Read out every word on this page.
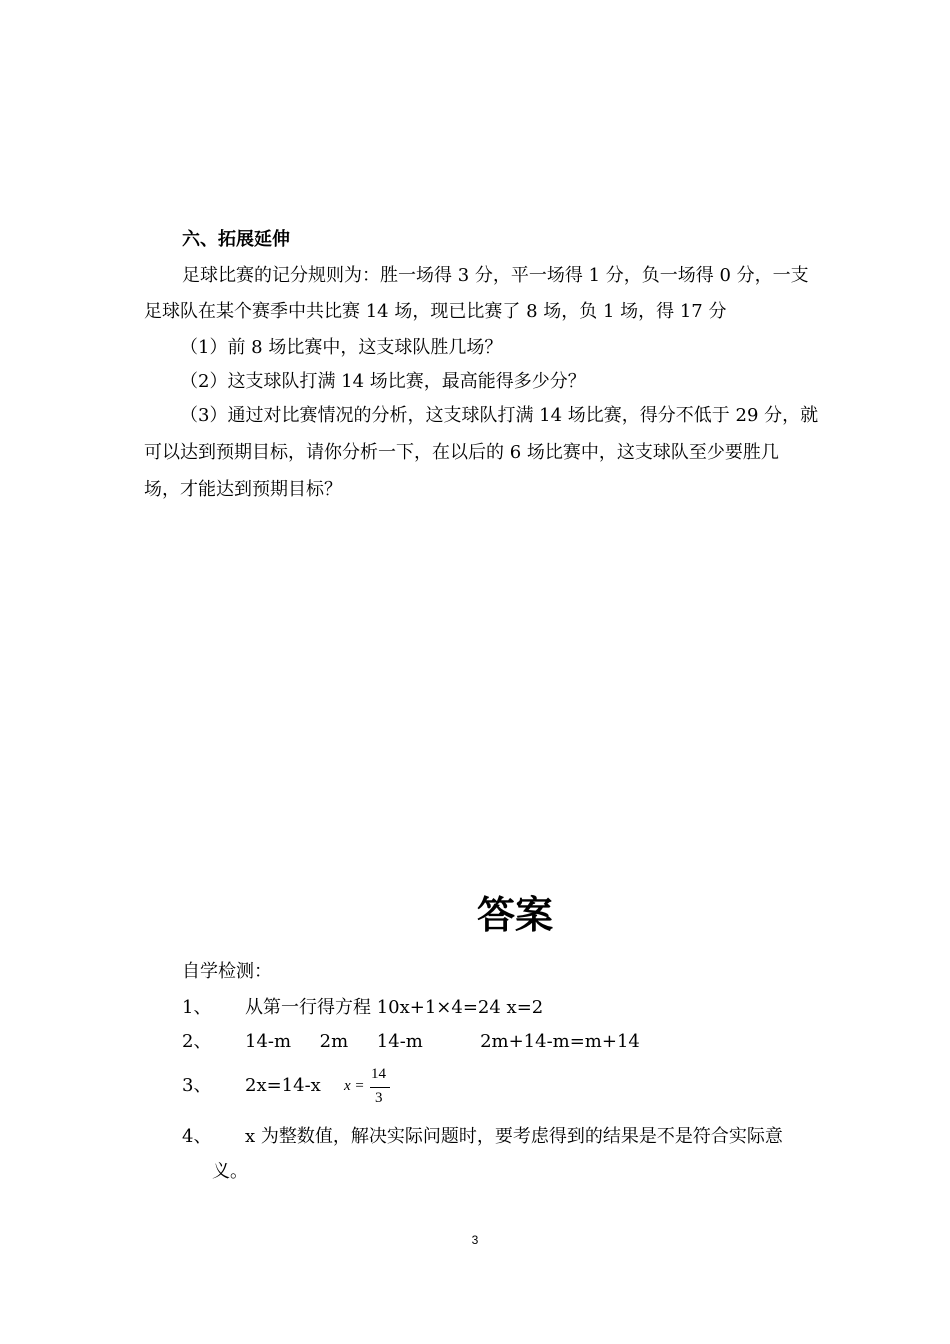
六、拓展延伸
足球比赛的记分规则为：胜一场得 3 分，平一场得 1 分，负一场得 0 分，一支
足球队在某个赛季中共比赛 14 场，现已比赛了 8 场，负 1 场，得 17 分
（1）前 8 场比赛中，这支球队胜几场？
（2）这支球队打满 14 场比赛，最高能得多少分？
（3）通过对比赛情况的分析，这支球队打满 14 场比赛，得分不低于 29 分，就
可以达到预期目标，请你分析一下，在以后的 6 场比赛中，这支球队至少要胜几
场，才能达到预期目标？
答案
自学检测：
1、 从第一行得方程 10x+1×4=24 x=2
2、 14-m     2m     14-m          2m+14-m=m+14
3、 2x=14-x x =
14
3
4、 x 为整数值，解决实际问题时，要考虑得到的结果是不是符合实际意
义。
3
